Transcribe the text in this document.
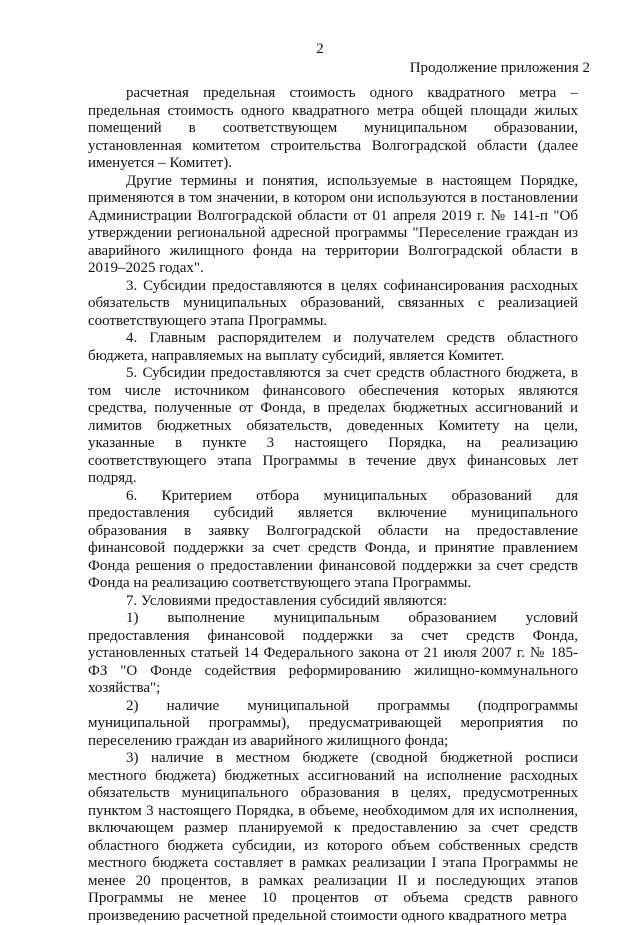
2
Продолжение приложения 2

расчетная предельная стоимость одного квадратного метра – предельная стоимость одного квадратного метра общей площади жилых помещений в соответствующем муниципальном образовании, установленная комитетом строительства Волгоградской области (далее именуется – Комитет).

Другие термины и понятия, используемые в настоящем Порядке, применяются в том значении, в котором они используются в постановлении Администрации Волгоградской области от 01 апреля 2019 г. № 141-п "Об утверждении региональной адресной программы "Переселение граждан из аварийного жилищного фонда на территории Волгоградской области в 2019–2025 годах".

3. Субсидии предоставляются в целях софинансирования расходных обязательств муниципальных образований, связанных с реализацией соответствующего этапа Программы.

4. Главным распорядителем и получателем средств областного бюджета, направляемых на выплату субсидий, является Комитет.

5. Субсидии предоставляются за счет средств областного бюджета, в том числе источником финансового обеспечения которых являются средства, полученные от Фонда, в пределах бюджетных ассигнований и лимитов бюджетных обязательств, доведенных Комитету на цели, указанные в пункте 3 настоящего Порядка, на реализацию соответствующего этапа Программы в течение двух финансовых лет подряд.

6. Критерием отбора муниципальных образований для предоставления субсидий является включение муниципального образования в заявку Волгоградской области на предоставление финансовой поддержки за счет средств Фонда, и принятие правлением Фонда решения о предоставлении финансовой поддержки за счет средств Фонда на реализацию соответствующего этапа Программы.

7. Условиями предоставления субсидий являются:

1) выполнение муниципальным образованием условий предоставления финансовой поддержки за счет средств Фонда, установленных статьей 14 Федерального закона от 21 июля 2007 г. № 185-ФЗ "О Фонде содействия реформированию жилищно-коммунального хозяйства";

2) наличие муниципальной программы (подпрограммы муниципальной программы), предусматривающей мероприятия по переселению граждан из аварийного жилищного фонда;

3) наличие в местном бюджете (сводной бюджетной росписи местного бюджета) бюджетных ассигнований на исполнение расходных обязательств муниципального образования в целях, предусмотренных пунктом 3 настоящего Порядка, в объеме, необходимом для их исполнения, включающем размер планируемой к предоставлению за счет средств областного бюджета субсидии, из которого объем собственных средств местного бюджета составляет в рамках реализации I этапа Программы не менее 20 процентов, в рамках реализации II и последующих этапов Программы не менее 10 процентов от объема средств равного произведению расчетной предельной стоимости одного квадратного метра
